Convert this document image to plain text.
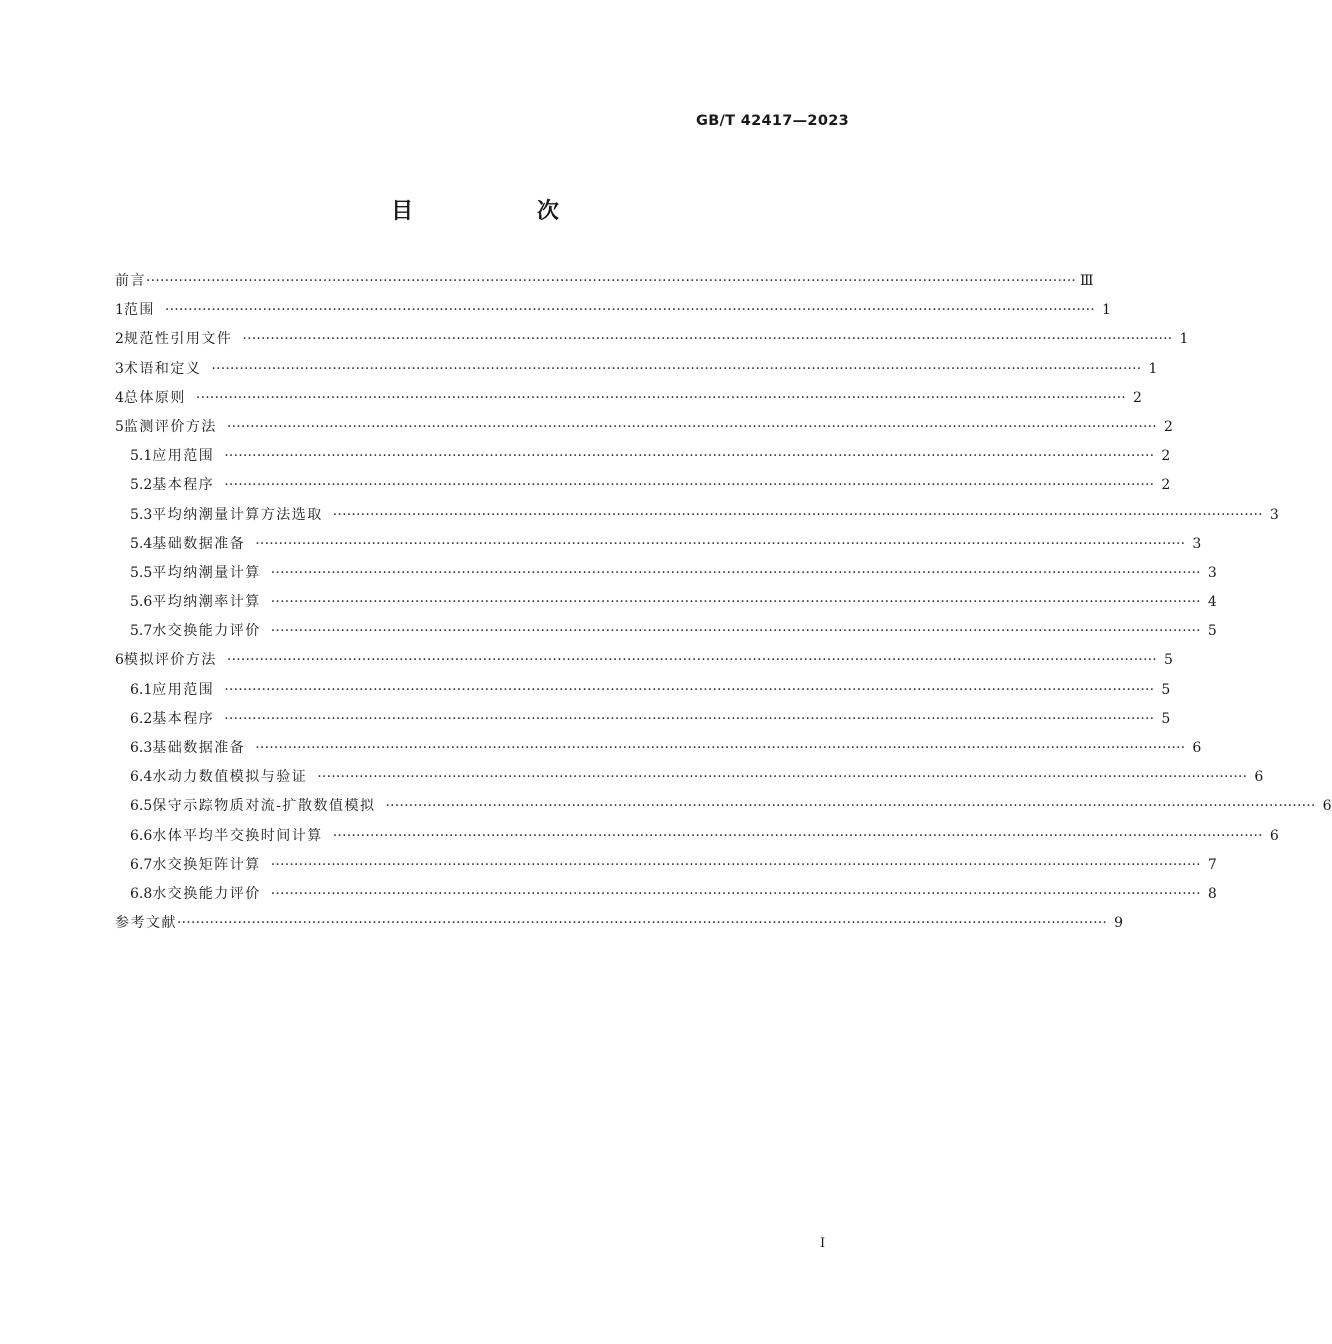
GB/T 42417—2023
目 次
前言 ········································································································································································································ Ⅲ
1 范围 ········································································································································································································ 1
2 规范性引用文件 ········································································································································································································ 1
3 术语和定义 ········································································································································································································ 1
4 总体原则 ········································································································································································································ 2
5 监测评价方法 ········································································································································································································ 2
5.1 应用范围 ········································································································································································································ 2
5.2 基本程序 ········································································································································································································ 2
5.3 平均纳潮量计算方法选取 ········································································································································································································ 3
5.4 基础数据准备 ········································································································································································································ 3
5.5 平均纳潮量计算 ········································································································································································································ 3
5.6 平均纳潮率计算 ········································································································································································································ 4
5.7 水交换能力评价 ········································································································································································································ 5
6 模拟评价方法 ········································································································································································································ 5
6.1 应用范围 ········································································································································································································ 5
6.2 基本程序 ········································································································································································································ 5
6.3 基础数据准备 ········································································································································································································ 6
6.4 水动力数值模拟与验证 ········································································································································································································ 6
6.5 保守示踪物质对流-扩散数值模拟 ········································································································································································································ 6
6.6 水体平均半交换时间计算 ········································································································································································································ 6
6.7 水交换矩阵计算 ········································································································································································································ 7
6.8 水交换能力评价 ········································································································································································································ 8
参考文献 ········································································································································································································ 9
Ⅰ
